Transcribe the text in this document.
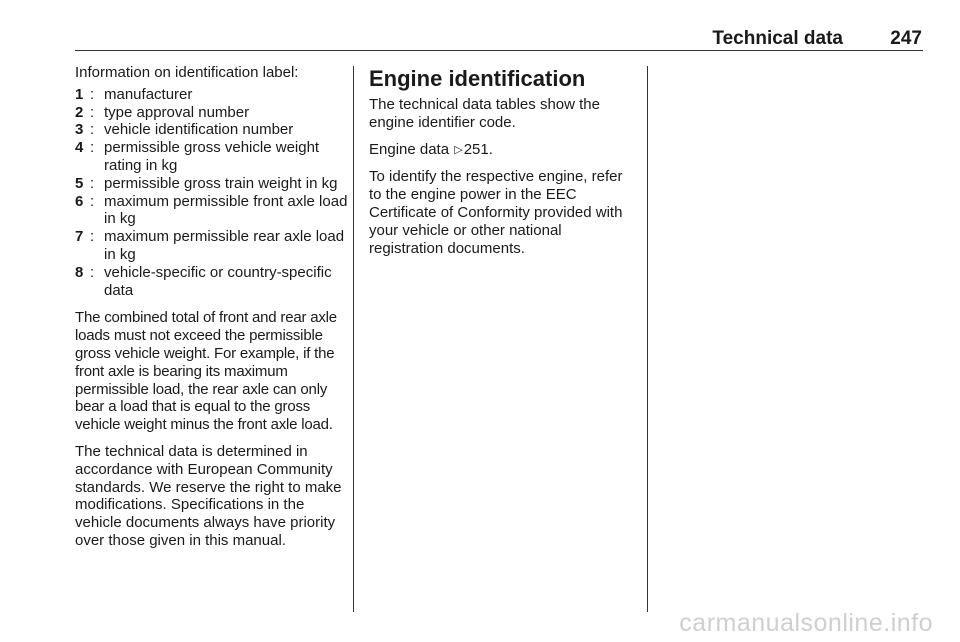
Technical data 247

Information on identification label:

1 : manufacturer
2 : type approval number
3 : vehicle identification number
4 : permissible gross vehicle weight rating in kg
5 : permissible gross train weight in kg
6 : maximum permissible front axle load in kg
7 : maximum permissible rear axle load in kg
8 : vehicle-specific or country-specific data

The combined total of front and rear axle loads must not exceed the permissible gross vehicle weight. For example, if the front axle is bearing its maximum permissible load, the rear axle can only bear a load that is equal to the gross vehicle weight minus the front axle load.

The technical data is determined in accordance with European Community standards. We reserve the right to make modifications. Specifications in the vehicle documents always have priority over those given in this manual.

Engine identification

The technical data tables show the engine identifier code.

Engine data ▷251.

To identify the respective engine, refer to the engine power in the EEC Certificate of Conformity provided with your vehicle or other national registration documents.

carmanualsonline.info
